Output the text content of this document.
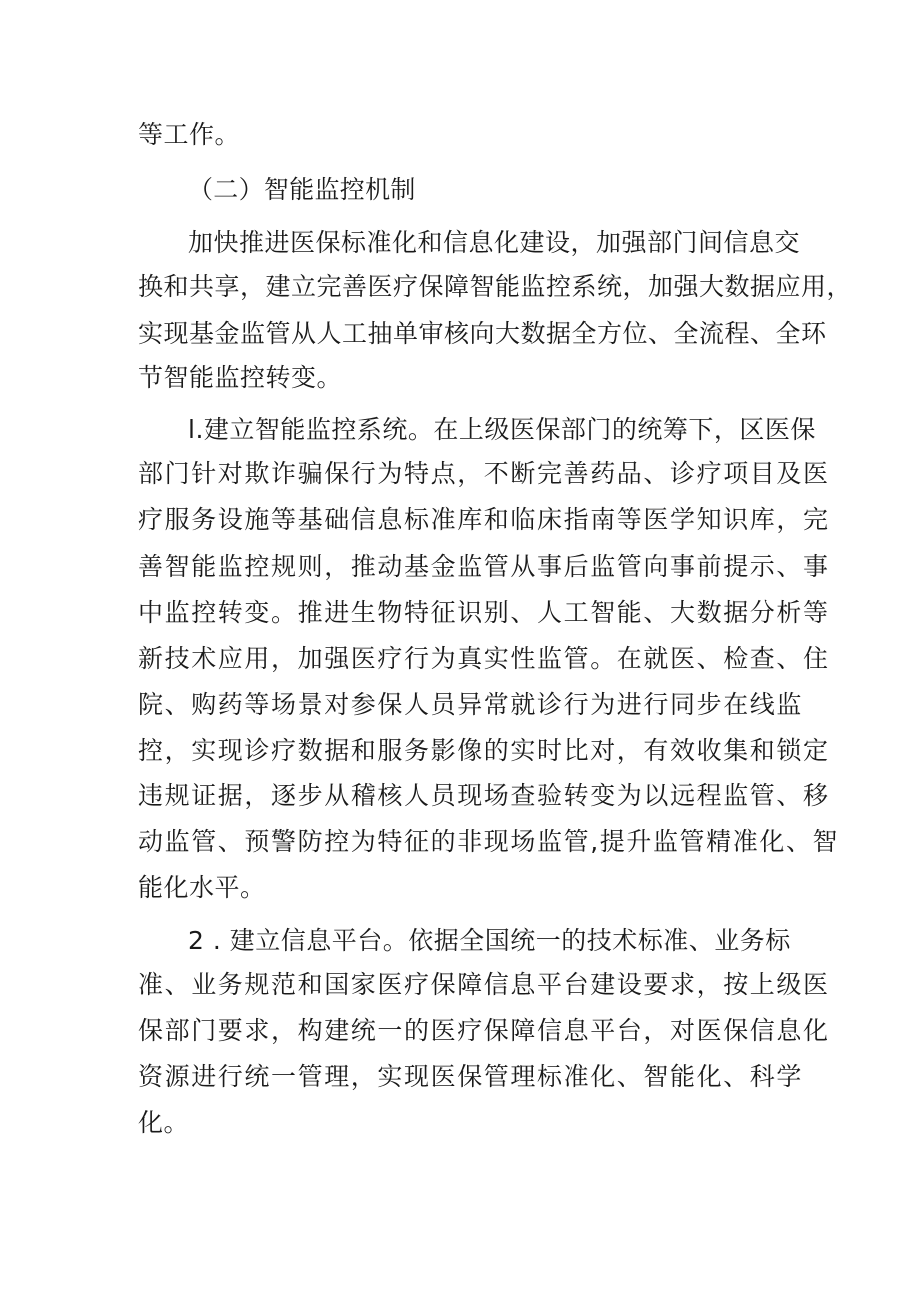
等工作。
（二）智能监控机制
加快推进医保标准化和信息化建设，加强部门间信息交
换和共享，建立完善医疗保障智能监控系统，加强大数据应用，
实现基金监管从人工抽单审核向大数据全方位、全流程、全环
节智能监控转变。
l.建立智能监控系统。在上级医保部门的统筹下，区医保
部门针对欺诈骗保行为特点，不断完善药品、诊疗项目及医
疗服务设施等基础信息标准库和临床指南等医学知识库，完
善智能监控规则，推动基金监管从事后监管向事前提示、事
中监控转变。推进生物特征识别、人工智能、大数据分析等
新技术应用，加强医疗行为真实性监管。在就医、检查、住
院、购药等场景对参保人员异常就诊行为进行同步在线监
控，实现诊疗数据和服务影像的实时比对，有效收集和锁定
违规证据，逐步从稽核人员现场查验转变为以远程监管、移
动监管、预警防控为特征的非现场监管,提升监管精准化、智
能化水平。
2 . 建立信息平台。依据全国统一的技术标准、业务标
准、业务规范和国家医疗保障信息平台建设要求，按上级医
保部门要求，构建统一的医疗保障信息平台，对医保信息化
资源进行统一管理，实现医保管理标准化、智能化、科学
化。
